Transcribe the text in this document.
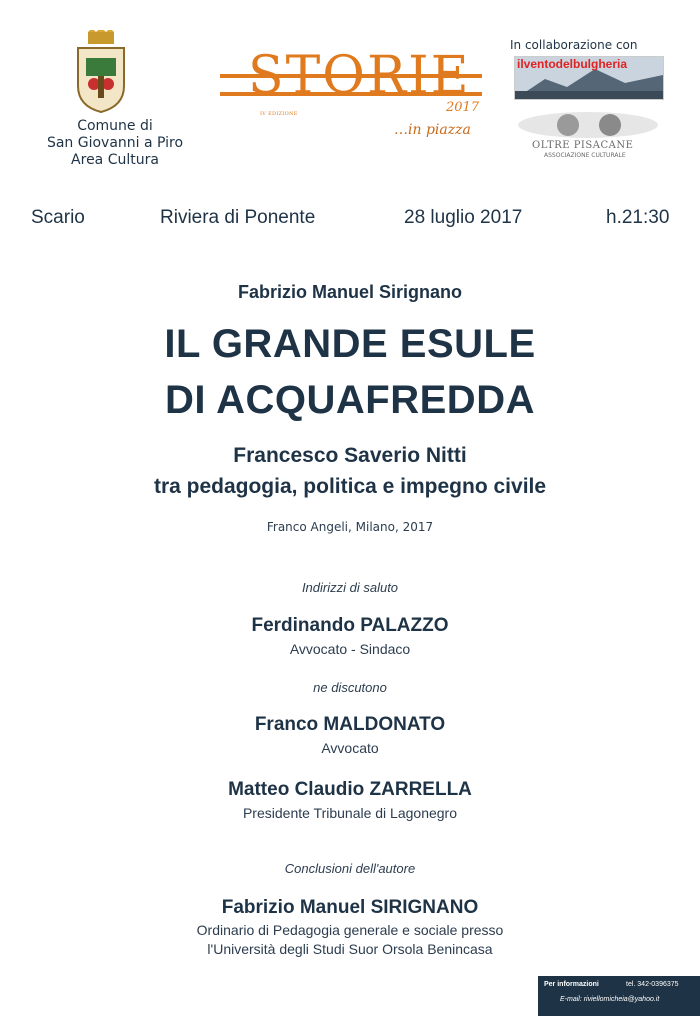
Comune di
San Giovanni a Piro
Area Cultura
STORIE
2017
IV EDIZIONE
…in piazza
In collaborazione con
ilventodelbulgheria
OLTRE PISACANE
ASSOCIAZIONE CULTURALE
Scario	Riviera di Ponente	28 luglio 2017	h.21:30
Fabrizio Manuel Sirignano
IL GRANDE ESULE
DI ACQUAFREDDA
Francesco Saverio Nitti
tra pedagogia, politica e impegno civile
Franco Angeli, Milano, 2017
Indirizzi di saluto
Ferdinando PALAZZO
Avvocato - Sindaco
ne discutono
Franco MALDONATO
Avvocato
Matteo Claudio ZARRELLA
Presidente Tribunale di Lagonegro
Conclusioni dell'autore
Fabrizio Manuel SIRIGNANO
Ordinario di Pedagogia generale e sociale presso
l'Università degli Studi Suor Orsola Benincasa
Per informazioni	tel. 342-0396375
E-mail: riviellomicheia@yahoo.it
